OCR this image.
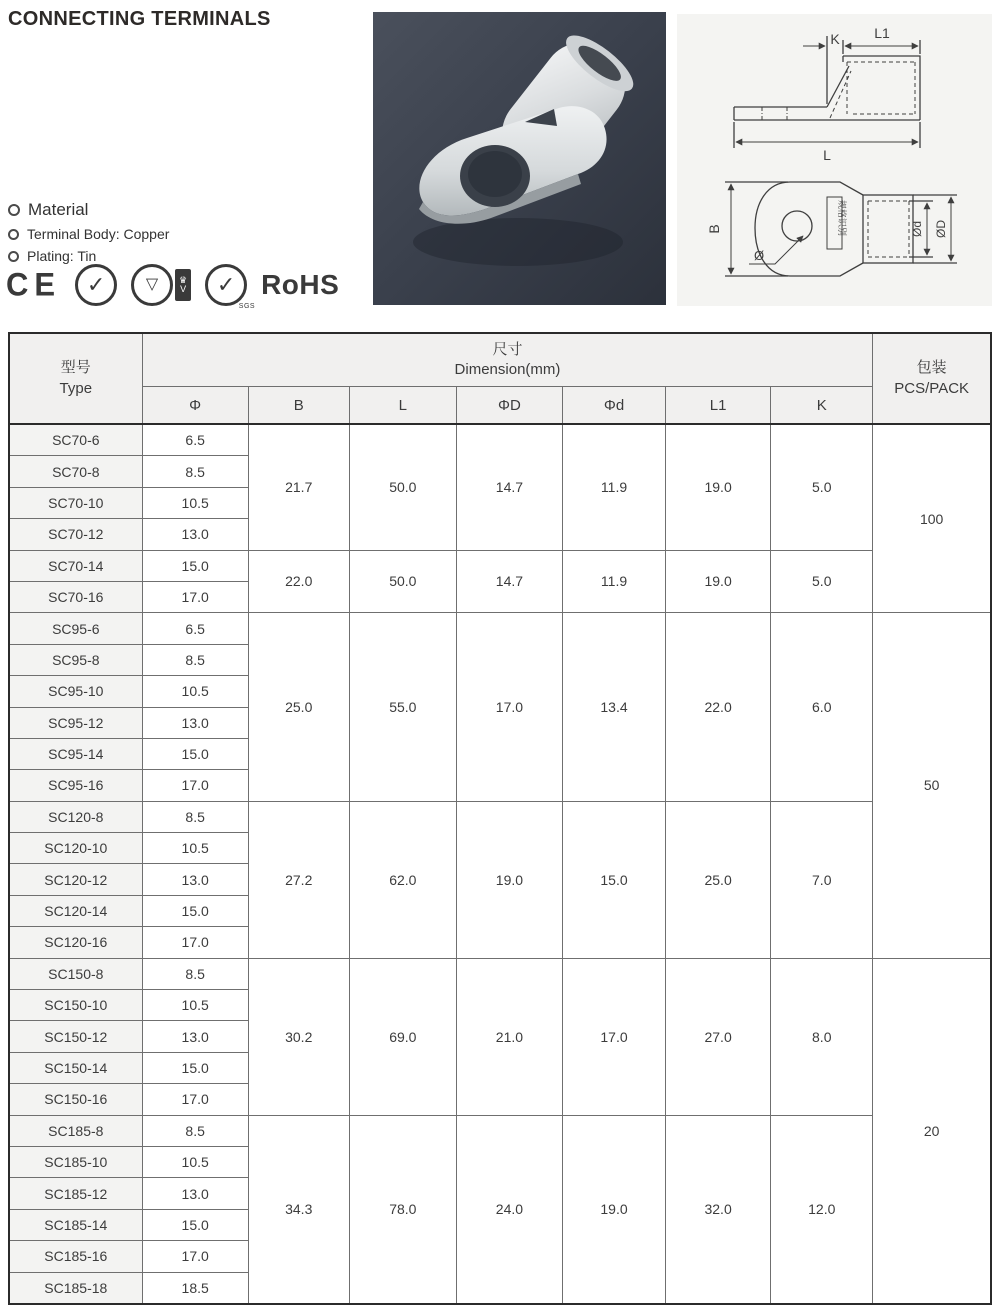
CONNECTING TERMINALS
K L1
L
B
Ø
Ød ØD
规格识别
Material
Terminal Body: Copper
Plating: Tin
CE ✓	▽ ♛
V ✓
SGS
RoHS
型号
Type

尺寸
Dimension(mm)	包装
PCS/PACK

	Φ	B	L	ΦD	Φd	L1	K	
SC70-6	6.5	21.7	50.0	14.7	11.9	19.0	5.0	100
SC70-8	8.5							
SC70-10	10.5							
SC70-12	13.0							
SC70-14	15.0	22.0	50.0	14.7	11.9	19.0	5.0	
SC70-16	17.0							
SC95-6	6.5	25.0	55.0	17.0	13.4	22.0	6.0	50
SC95-8	8.5							
SC95-10	10.5							
SC95-12	13.0							
SC95-14	15.0							
SC95-16	17.0							
SC120-8	8.5	27.2	62.0	19.0	15.0	25.0	7.0	
SC120-10	10.5							
SC120-12	13.0							
SC120-14	15.0							
SC120-16	17.0							
SC150-8	8.5	30.2	69.0	21.0	17.0	27.0	8.0	20
SC150-10	10.5							
SC150-12	13.0							
SC150-14	15.0							
SC150-16	17.0							
SC185-8	8.5	34.3	78.0	24.0	19.0	32.0	12.0	
SC185-10	10.5							
SC185-12	13.0							
SC185-14	15.0							
SC185-16	17.0							
SC185-18	18.5							
